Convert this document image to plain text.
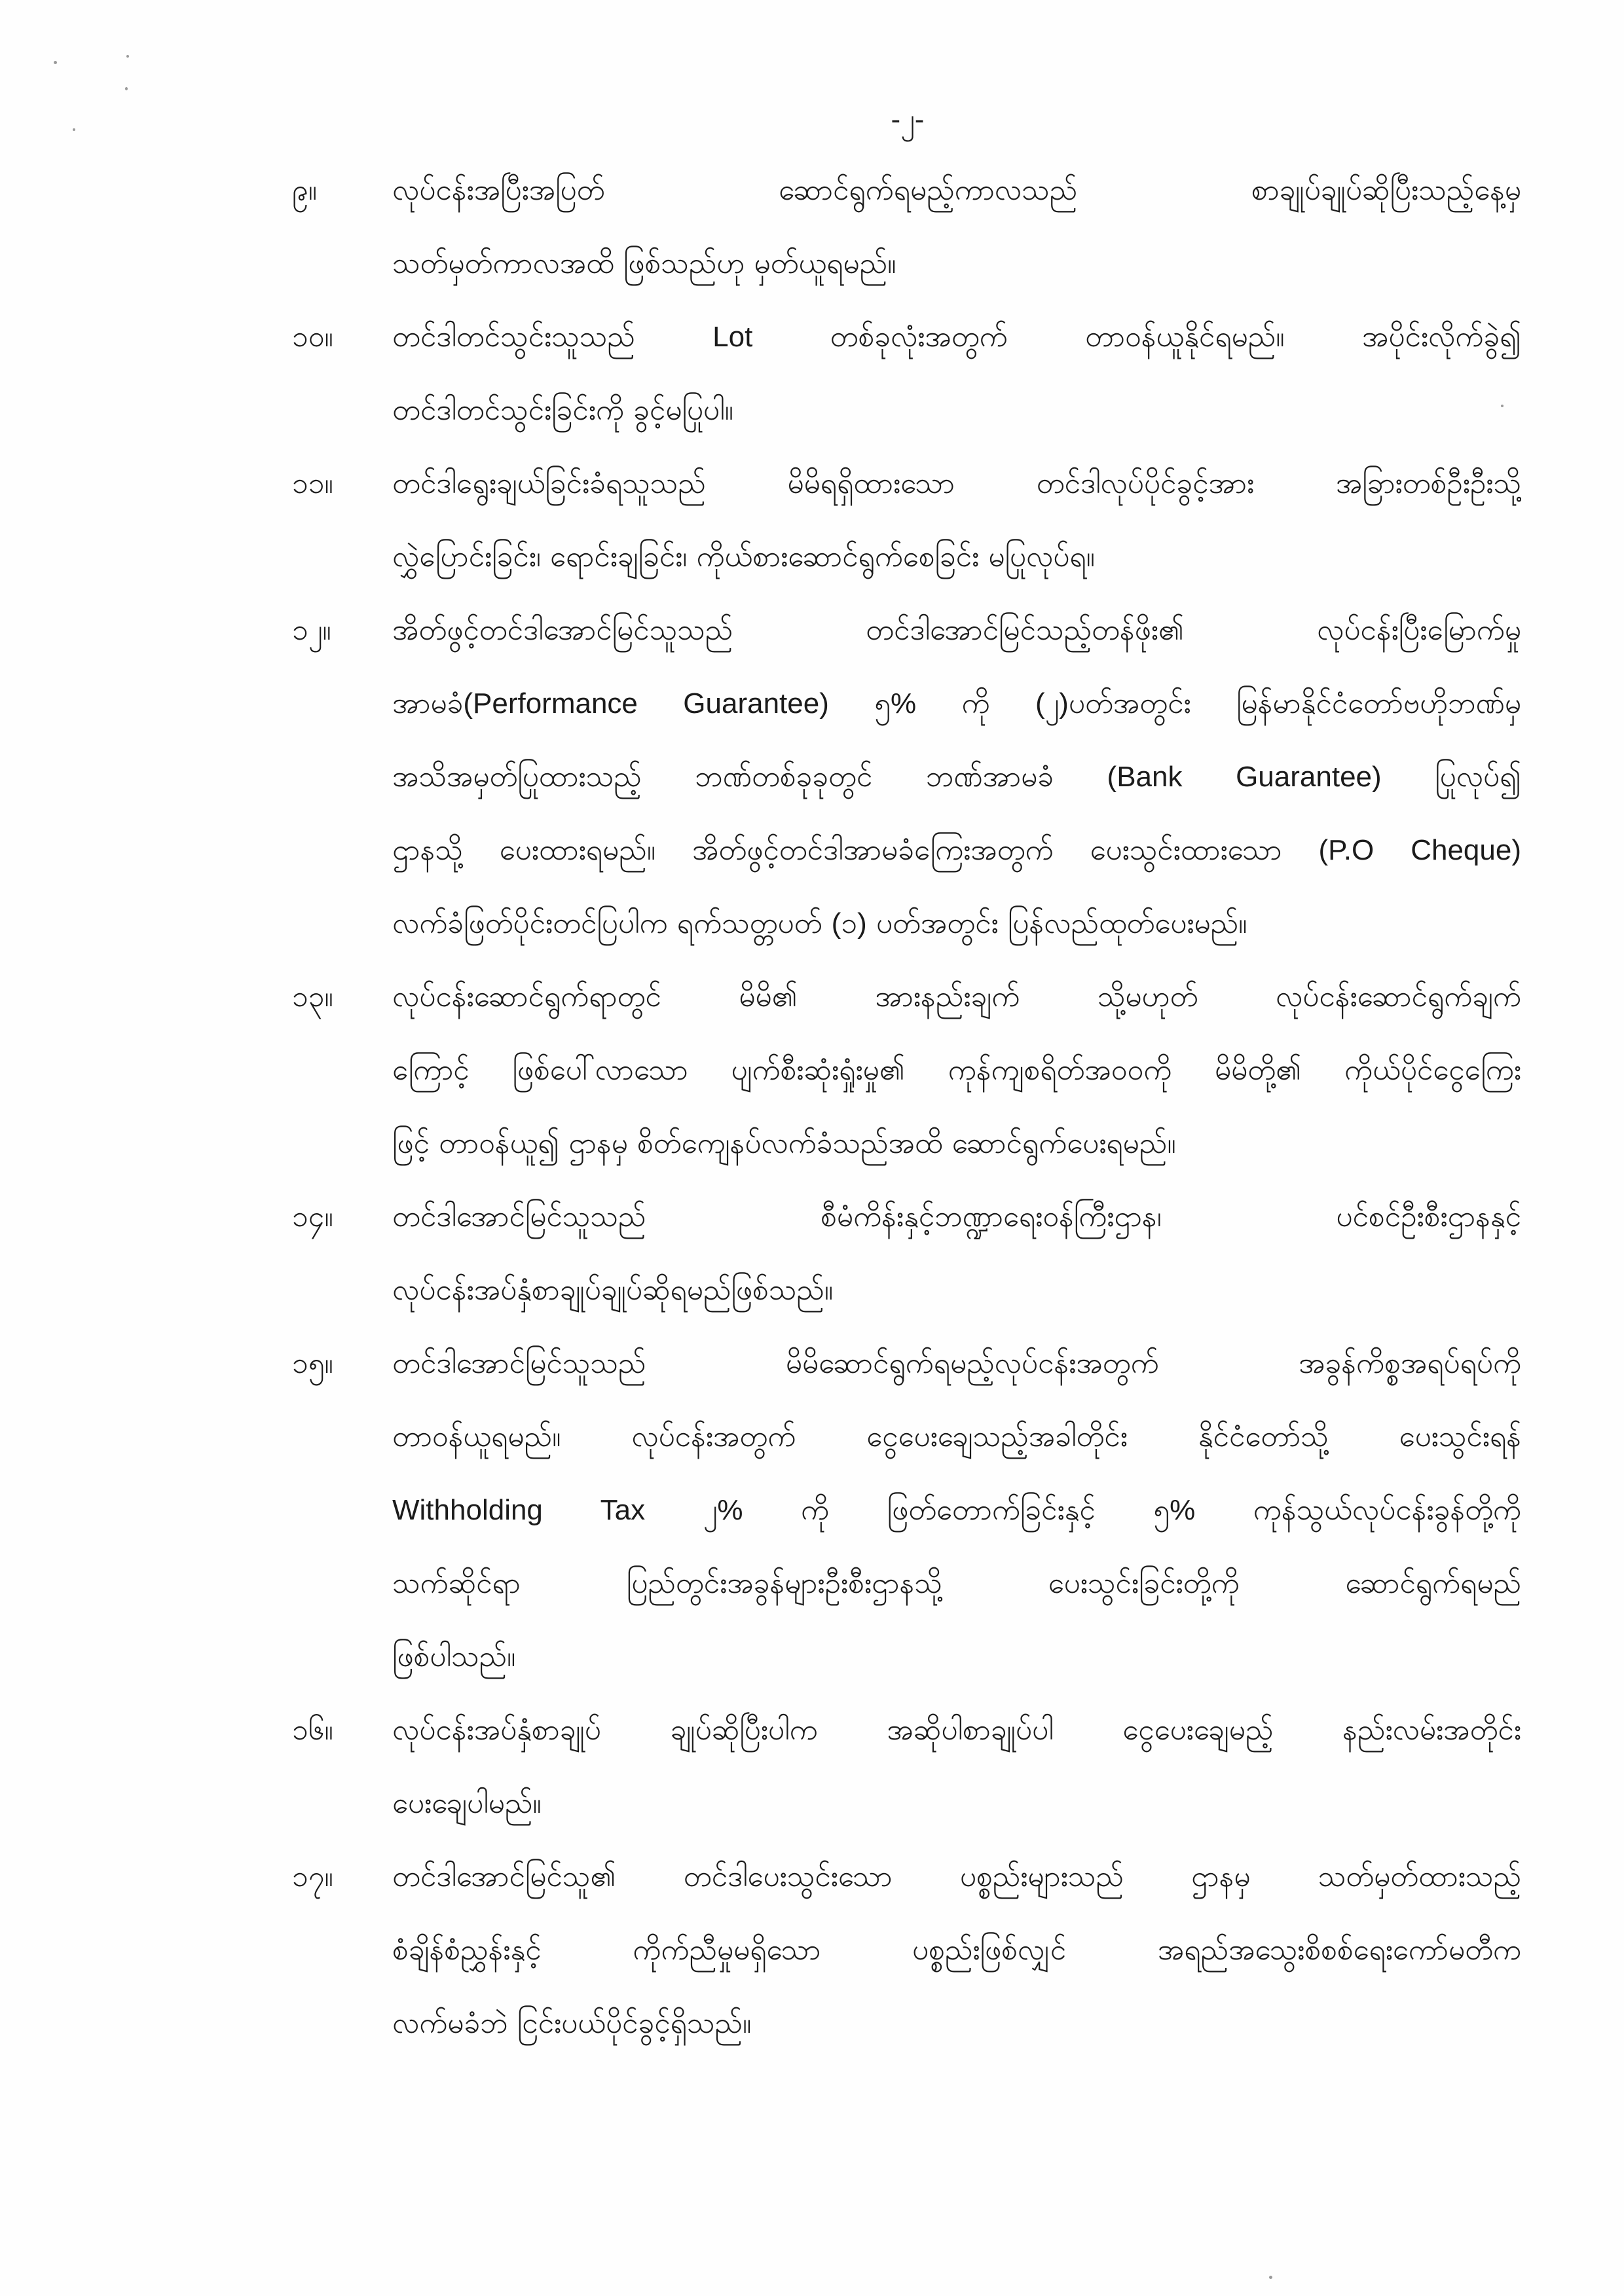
-၂-
၉။	လုပ်ငန်းအပြီးအပြတ် ဆောင်ရွက်ရမည့်ကာလသည် စာချုပ်ချုပ်ဆိုပြီးသည့်နေ့မှ
သတ်မှတ်ကာလအထိ ဖြစ်သည်ဟု မှတ်ယူရမည်။
၁၀။	တင်ဒါတင်သွင်းသူသည် Lot တစ်ခုလုံးအတွက် တာဝန်ယူနိုင်ရမည်။ အပိုင်းလိုက်ခွဲ၍
တင်ဒါတင်သွင်းခြင်းကို ခွင့်မပြုပါ။
၁၁။	တင်ဒါရွေးချယ်ခြင်းခံရသူသည် မိမိရရှိထားသော တင်ဒါလုပ်ပိုင်ခွင့်အား အခြားတစ်ဦးဦးသို့
လွှဲပြောင်းခြင်း၊ ရောင်းချခြင်း၊ ကိုယ်စားဆောင်ရွက်စေခြင်း မပြုလုပ်ရ။
၁၂။	အိတ်ဖွင့်တင်ဒါအောင်မြင်သူသည် တင်ဒါအောင်မြင်သည့်တန်ဖိုး၏ လုပ်ငန်းပြီးမြောက်မှု
အာမခံ(Performance Guarantee) ၅% ကို (၂)ပတ်အတွင်း မြန်မာနိုင်ငံတော်ဗဟိုဘဏ်မှ
အသိအမှတ်ပြုထားသည့် ဘဏ်တစ်ခုခုတွင် ဘဏ်အာမခံ (Bank Guarantee) ပြုလုပ်၍
ဌာနသို့ ပေးထားရမည်။ အိတ်ဖွင့်တင်ဒါအာမခံကြေးအတွက် ပေးသွင်းထားသော (P.O Cheque)
လက်ခံဖြတ်ပိုင်းတင်ပြပါက ရက်သတ္တပတ် (၁) ပတ်အတွင်း ပြန်လည်ထုတ်ပေးမည်။
၁၃။	လုပ်ငန်းဆောင်ရွက်ရာတွင် မိမိ၏ အားနည်းချက် သို့မဟုတ် လုပ်ငန်းဆောင်ရွက်ချက်
ကြောင့် ဖြစ်ပေါ်လာသော ပျက်စီးဆုံးရှုံးမှု၏ ကုန်ကျစရိတ်အဝဝကို မိမိတို့၏ ကိုယ်ပိုင်ငွေကြေး
ဖြင့် တာဝန်ယူ၍ ဌာနမှ စိတ်ကျေနပ်လက်ခံသည်အထိ ဆောင်ရွက်ပေးရမည်။
၁၄။	တင်ဒါအောင်မြင်သူသည် စီမံကိန်းနှင့်ဘဏ္ဍာရေးဝန်ကြီးဌာန၊ ပင်စင်ဦးစီးဌာနနှင့်
လုပ်ငန်းအပ်နှံစာချုပ်ချုပ်ဆိုရမည်ဖြစ်သည်။
၁၅။	တင်ဒါအောင်မြင်သူသည် မိမိဆောင်ရွက်ရမည့်လုပ်ငန်းအတွက် အခွန်ကိစ္စအရပ်ရပ်ကို
တာဝန်ယူရမည်။ လုပ်ငန်းအတွက် ငွေပေးချေသည့်အခါတိုင်း နိုင်ငံတော်သို့ ပေးသွင်းရန်
Withholding Tax ၂% ကို ဖြတ်တောက်ခြင်းနှင့် ၅% ကုန်သွယ်လုပ်ငန်းခွန်တို့ကို
သက်ဆိုင်ရာ ပြည်တွင်းအခွန်များဦးစီးဌာနသို့ ပေးသွင်းခြင်းတို့ကို ဆောင်ရွက်ရမည်
ဖြစ်ပါသည်။
၁၆။	လုပ်ငန်းအပ်နှံစာချုပ် ချုပ်ဆိုပြီးပါက အဆိုပါစာချုပ်ပါ ငွေပေးချေမည့် နည်းလမ်းအတိုင်း
ပေးချေပါမည်။
၁၇။	တင်ဒါအောင်မြင်သူ၏ တင်ဒါပေးသွင်းသော ပစ္စည်းများသည် ဌာနမှ သတ်မှတ်ထားသည့်
စံချိန်စံညွှန်းနှင့် ကိုက်ညီမှုမရှိသော ပစ္စည်းဖြစ်လျှင် အရည်အသွေးစိစစ်ရေးကော်မတီက
လက်မခံဘဲ ငြင်းပယ်ပိုင်ခွင့်ရှိသည်။
